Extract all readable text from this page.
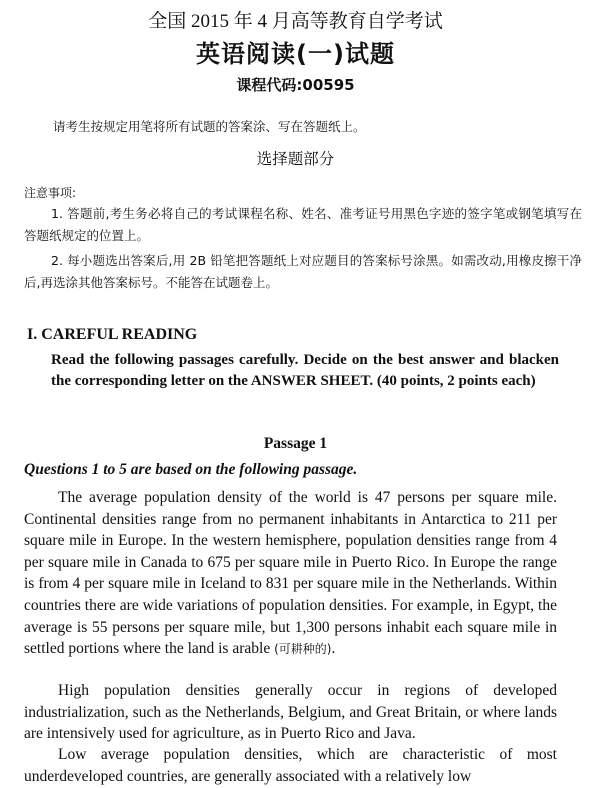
全国 2015 年 4 月高等教育自学考试
英语阅读(一)试题
课程代码:00595
请考生按规定用笔将所有试题的答案涂、写在答题纸上。
选择题部分
注意事项:
1. 答题前,考生务必将自己的考试课程名称、姓名、准考证号用黑色字迹的签字笔或钢笔填写在答题纸规定的位置上。
2. 每小题选出答案后,用 2B 铅笔把答题纸上对应题目的答案标号涂黑。如需改动,用橡皮擦干净后,再选涂其他答案标号。不能答在试题卷上。
I. CAREFUL READING
Read the following passages carefully. Decide on the best answer and blacken the corresponding letter on the ANSWER SHEET. (40 points, 2 points each)
Passage 1
Questions 1 to 5 are based on the following passage.
The average population density of the world is 47 persons per square mile. Continental densities range from no permanent inhabitants in Antarctica to 211 per square mile in Europe. In the western hemisphere, population densities range from 4 per square mile in Canada to 675 per square mile in Puerto Rico. In Europe the range is from 4 per square mile in Iceland to 831 per square mile in the Netherlands. Within countries there are wide variations of population densities. For example, in Egypt, the average is 55 persons per square mile, but 1,300 persons inhabit each square mile in settled portions where the land is arable (可耕种的).
High population densities generally occur in regions of developed industrialization, such as the Netherlands, Belgium, and Great Britain, or where lands are intensively used for agriculture, as in Puerto Rico and Java.
Low average population densities, which are characteristic of most underdeveloped countries, are generally associated with a relatively low
